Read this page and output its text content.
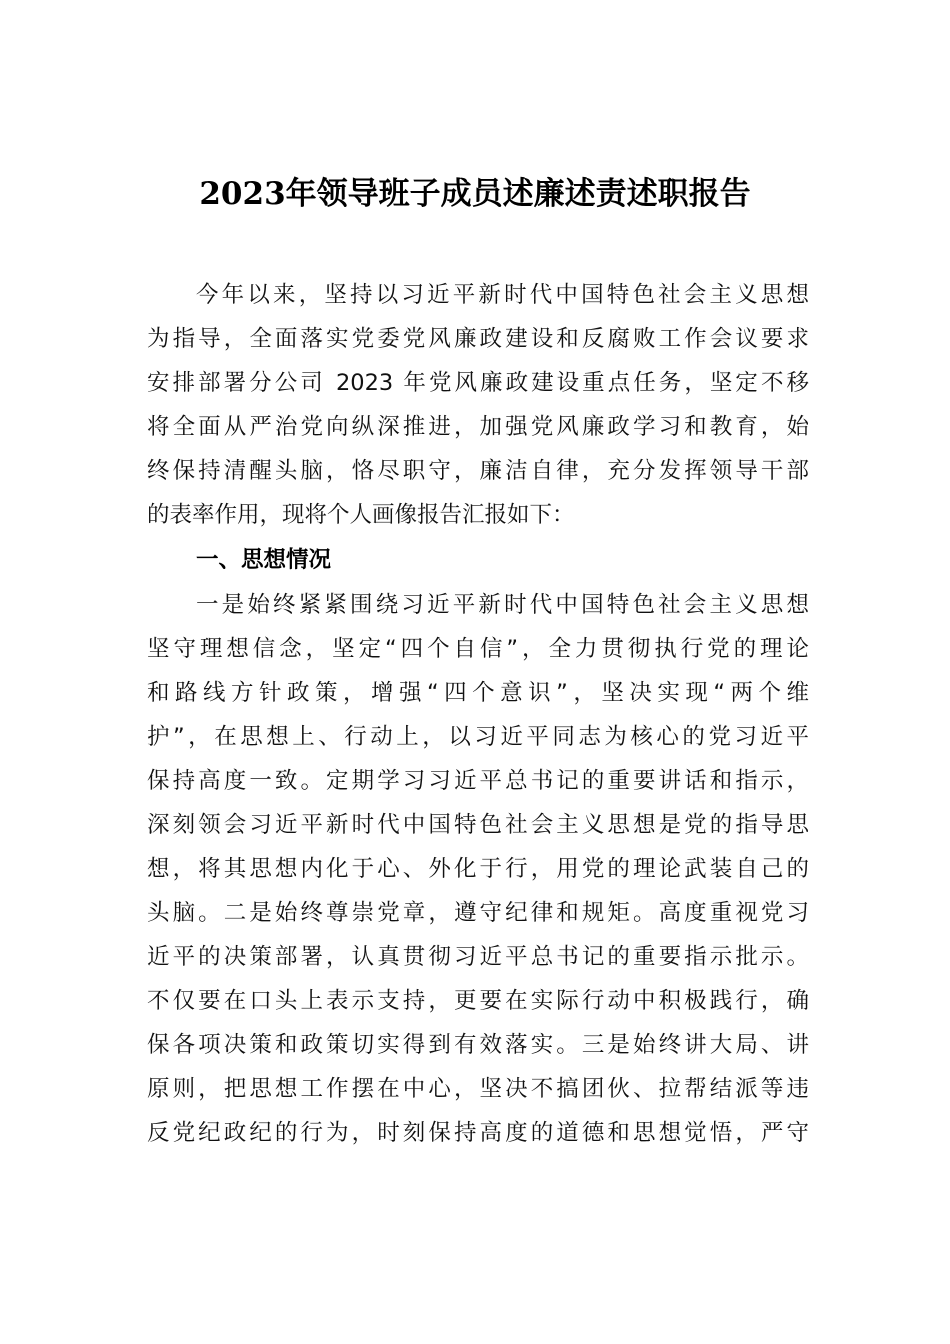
2023年领导班子成员述廉述责述职报告
今年以来，坚持以习近平新时代中国特色社会主义思想
为指导，全面落实党委党风廉政建设和反腐败工作会议要求
安排部署分公司 2023 年党风廉政建设重点任务，坚定不移
将全面从严治党向纵深推进，加强党风廉政学习和教育，始
终保持清醒头脑，恪尽职守，廉洁自律，充分发挥领导干部
的表率作用，现将个人画像报告汇报如下：
一、思想情况
一是始终紧紧围绕习近平新时代中国特色社会主义思想
坚守理想信念，坚定“四个自信”，全力贯彻执行党的理论
和路线方针政策，增强“四个意识”，坚决实现“两个维
护”，在思想上、行动上，以习近平同志为核心的党习近平
保持高度一致。定期学习习近平总书记的重要讲话和指示，
深刻领会习近平新时代中国特色社会主义思想是党的指导思
想，将其思想内化于心、外化于行，用党的理论武装自己的
头脑。二是始终尊崇党章，遵守纪律和规矩。高度重视党习
近平的决策部署，认真贯彻习近平总书记的重要指示批示。
不仅要在口头上表示支持，更要在实际行动中积极践行，确
保各项决策和政策切实得到有效落实。三是始终讲大局、讲
原则，把思想工作摆在中心，坚决不搞团伙、拉帮结派等违
反党纪政纪的行为，时刻保持高度的道德和思想觉悟，严守
